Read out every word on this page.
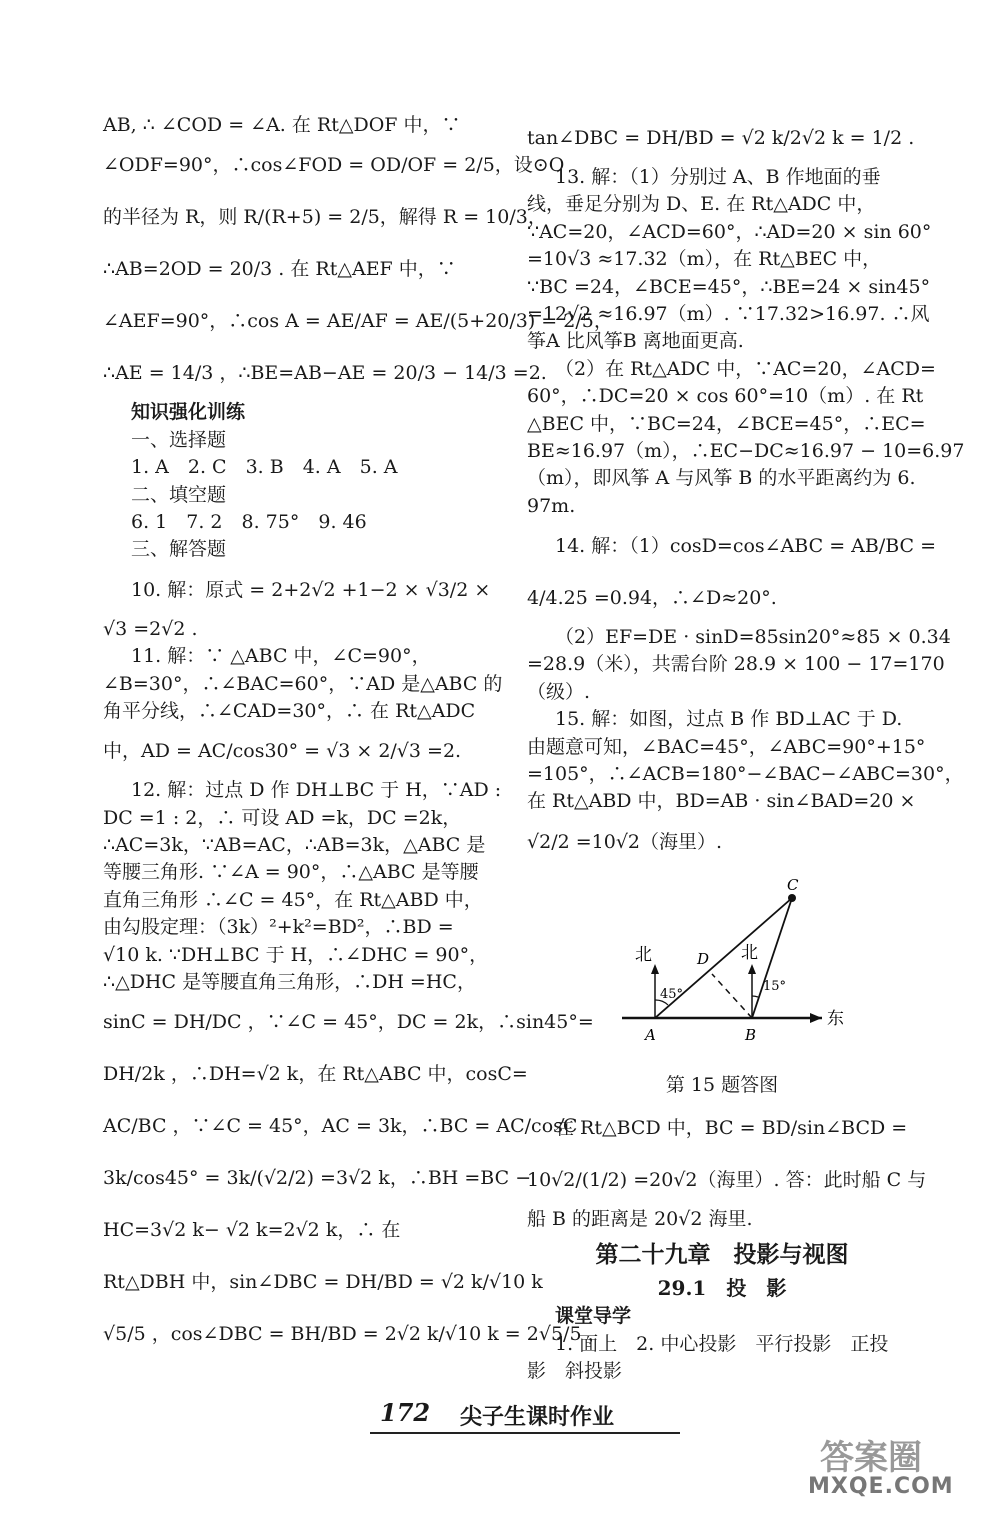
AB, ∴ ∠COD = ∠A. 在 Rt△DOF 中，∵
∠ODF=90°，∴cos∠FOD = OD/OF = 2/5，设⊙O
的半径为 R，则 R/(R+5) = 2/5，解得 R = 10/3，
∴AB=2OD = 20/3 . 在 Rt△AEF 中，∵
∠AEF=90°，∴cos A = AE/AF = AE/(5+20/3) = 2/5，
∴AE = 14/3 ，∴BE=AB−AE = 20/3 − 14/3 =2.
知识强化训练
一、选择题
1. A　2. C　3. B　4. A　5. A
二、填空题
6. 1　7. 2　8. 75°　9. 46
三、解答题
10. 解：原式 = 2+2√2 +1−2 × √3/2 ×
√3 =2√2 .
11. 解：∵ △ABC 中，∠C=90°，
∠B=30°，∴∠BAC=60°，∵AD 是△ABC 的
角平分线，∴∠CAD=30°，∴ 在 Rt△ADC
中，AD = AC/cos30° = √3 × 2/√3 =2.
12. 解：过点 D 作 DH⊥BC 于 H，∵AD :
DC =1 : 2，∴ 可设 AD =k，DC =2k，
∴AC=3k，∵AB=AC，∴AB=3k，△ABC 是
等腰三角形. ∵∠A = 90°，∴△ABC 是等腰
直角三角形 ∴∠C = 45°，在 Rt△ABD 中，
由勾股定理：（3k）²+k²=BD²，∴BD =
√10 k. ∵DH⊥BC 于 H，∴∠DHC = 90°，
∴△DHC 是等腰直角三角形，∴DH =HC，
sinC = DH/DC ，∵∠C = 45°，DC = 2k，∴sin45°=
DH/2k ，∴DH=√2 k，在 Rt△ABC 中，cosC=
AC/BC ，∵∠C = 45°，AC = 3k，∴BC = AC/cosC
3k/cos45° = 3k/(√2/2) =3√2 k，∴BH =BC −
HC=3√2 k− √2 k=2√2 k，∴ 在
Rt△DBH 中，sin∠DBC = DH/BD = √2 k/√10 k
√5/5 ，cos∠DBC = BH/BD = 2√2 k/√10 k = 2√5/5 ，
tan∠DBC = DH/BD = √2 k/2√2 k = 1/2 .
13. 解：（1）分别过 A、B 作地面的垂
线，垂足分别为 D、E. 在 Rt△ADC 中，
∵AC=20，∠ACD=60°，∴AD=20 × sin 60°
=10√3 ≈17.32（m），在 Rt△BEC 中，
∵BC =24，∠BCE=45°，∴BE=24 × sin45°
=12√2 ≈16.97（m）. ∵17.32>16.97. ∴风
筝A 比风筝B 离地面更高.
（2）在 Rt△ADC 中，∵AC=20，∠ACD=
60°，∴DC=20 × cos 60°=10（m）. 在 Rt
△BEC 中，∵BC=24，∠BCE=45°，∴EC=
BE≈16.97（m），∴EC−DC≈16.97 − 10=6.97
（m），即风筝 A 与风筝 B 的水平距离约为 6.
97m.
14. 解：（1）cosD=cos∠ABC = AB/BC =
4/4.25 =0.94，∴∠D≈20°.
（2）EF=DE · sinD=85sin20°≈85 × 0.34
=28.9（米），共需台阶 28.9 × 100 − 17=170
（级）.
15. 解：如图，过点 B 作 BD⊥AC 于 D.
由题意可知，∠BAC=45°，∠ABC=90°+15°
=105°，∴∠ACB=180°−∠BAC−∠ABC=30°，
在 Rt△ABD 中，BD=AB · sin∠BAD=20 ×
√2/2 =10√2（海里）.
北	北
东
A	B
C
D
45°
15°
第 15 题答图
在 Rt△BCD 中，BC = BD/sin∠BCD =
10√2/(1/2) =20√2（海里）. 答：此时船 C 与
船 B 的距离是 20√2 海里.
第二十九章　投影与视图
29.1　投　影
课堂导学
1. 面上　2. 中心投影　平行投影　正投
影　斜投影
172 尖子生课时作业
答案圈
MXQE.COM
